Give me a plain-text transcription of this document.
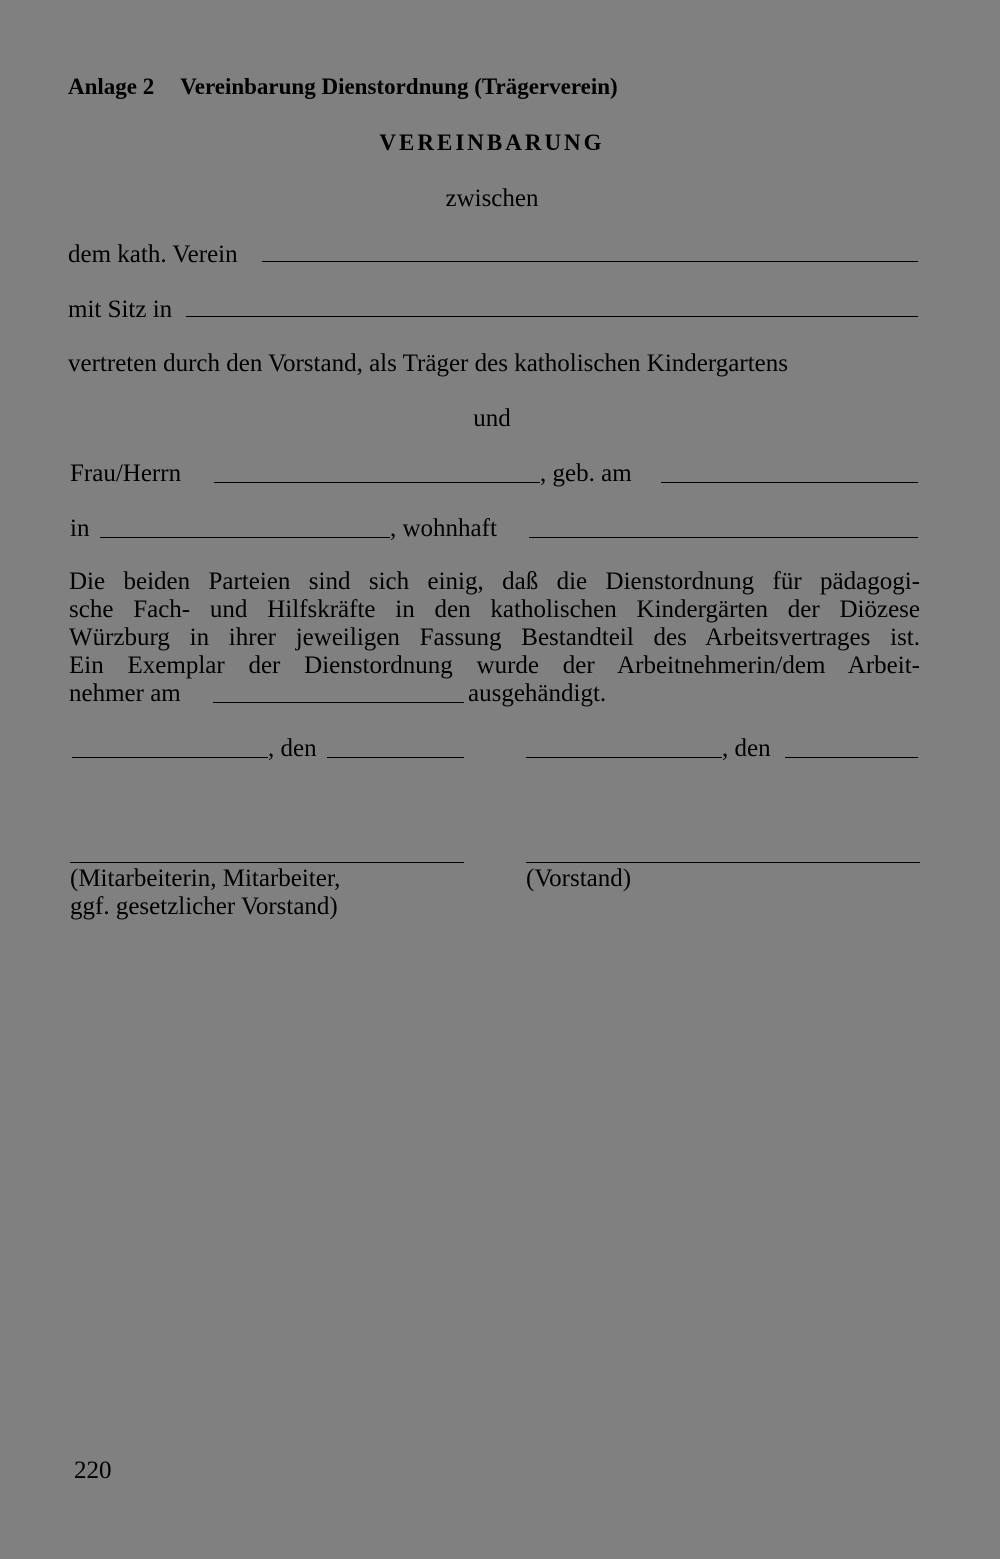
Anlage 2 Vereinbarung Dienstordnung (Trägerverein)
VEREINBARUNG
zwischen
dem kath. Verein
mit Sitz in
vertreten durch den Vorstand, als Träger des katholischen Kindergartens
und
Frau/Herrn	, geb. am
in	, wohnhaft
Die beiden Parteien sind sich einig, daß die Dienstordnung für pädagogi-
sche Fach- und Hilfskräfte in den katholischen Kindergärten der Diözese
Würzburg in ihrer jeweiligen Fassung Bestandteil des Arbeitsvertrages ist.
Ein Exemplar der Dienstordnung wurde der Arbeitnehmerin/dem Arbeit-
nehmer am	ausgehändigt.
, den	, den
(Mitarbeiterin, Mitarbeiter,
ggf. gesetzlicher Vorstand)
(Vorstand)
220
